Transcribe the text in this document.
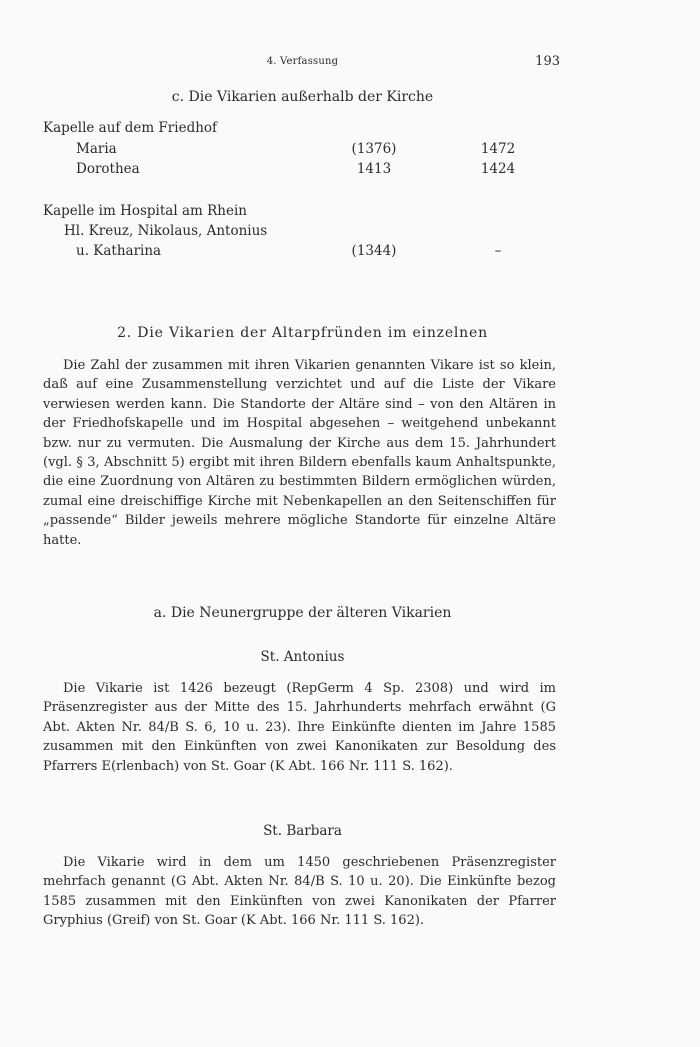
4. Verfassung	193
c. Die Vikarien außerhalb der Kirche
Kapelle auf dem Friedhof
Maria	(1376)	1472
Dorothea	1413	1424
Kapelle im Hospital am Rhein
Hl. Kreuz, Nikolaus, Antonius
u. Katharina	(1344)	–
2. Die Vikarien der Altarpfründen im einzelnen

Die Zahl der zusammen mit ihren Vikarien genannten Vikare ist so klein, daß auf eine Zusammenstellung verzichtet und auf die Liste der Vikare verwiesen werden kann. Die Standorte der Altäre sind – von den Altären in der Friedhofskapelle und im Hospital abgesehen – weitgehend unbekannt bzw. nur zu vermuten. Die Ausmalung der Kirche aus dem 15. Jahrhundert (vgl. § 3, Abschnitt 5) ergibt mit ihren Bildern ebenfalls kaum Anhaltspunkte, die eine Zuordnung von Altären zu bestimmten Bildern ermöglichen würden, zumal eine dreischiffige Kirche mit Nebenkapellen an den Seitenschiffen für „passende“ Bilder jeweils mehrere mögliche Standorte für einzelne Altäre hatte.

a. Die Neunergruppe der älteren Vikarien
St. Antonius

Die Vikarie ist 1426 bezeugt (RepGerm 4 Sp. 2308) und wird im Präsenzregister aus der Mitte des 15. Jahrhunderts mehrfach erwähnt (G Abt. Akten Nr. 84/B S. 6, 10 u. 23). Ihre Einkünfte dienten im Jahre 1585 zusammen mit den Einkünften von zwei Kanonikaten zur Besoldung des Pfarrers E(rlenbach) von St. Goar (K Abt. 166 Nr. 111 S. 162).

St. Barbara

Die Vikarie wird in dem um 1450 geschriebenen Präsenzregister mehrfach genannt (G Abt. Akten Nr. 84/B S. 10 u. 20). Die Einkünfte bezog 1585 zusammen mit den Einkünften von zwei Kanonikaten der Pfarrer Gryphius (Greif) von St. Goar (K Abt. 166 Nr. 111 S. 162).
